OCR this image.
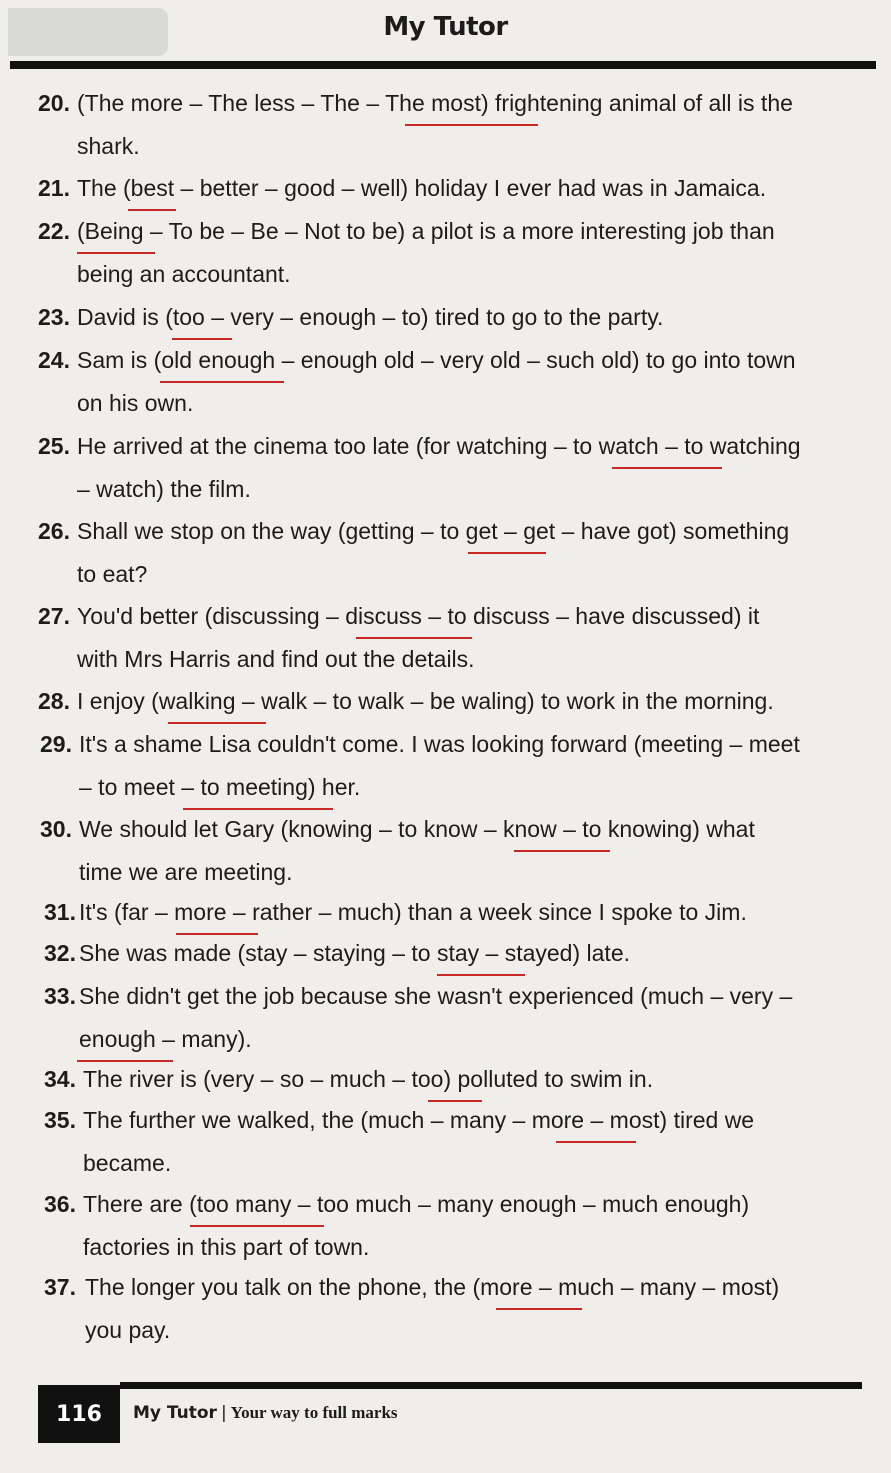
My Tutor
20. (The more – The less – The – The most) frightening animal of all is the
shark.
21. The (best – better – good – well) holiday I ever had was in Jamaica.
22. (Being – To be – Be – Not to be) a pilot is a more interesting job than
being an accountant.
23. David is (too – very – enough – to) tired to go to the party.
24. Sam is (old enough – enough old – very old – such old) to go into town
on his own.
25. He arrived at the cinema too late (for watching – to watch – to watching
– watch) the film.
26. Shall we stop on the way (getting – to get – get – have got) something
to eat?
27. You'd better (discussing – discuss – to discuss – have discussed) it
with Mrs Harris and find out the details.
28. I enjoy (walking – walk – to walk – be waling) to work in the morning.
29. It's a shame Lisa couldn't come. I was looking forward (meeting – meet
– to meet – to meeting) her.
30. We should let Gary (knowing – to know – know – to knowing) what
time we are meeting.
31. It's (far – more – rather – much) than a week since I spoke to Jim.
32. She was made (stay – staying – to stay – stayed) late.
33. She didn't get the job because she wasn't experienced (much – very –
enough – many).
34. The river is (very – so – much – too) polluted to swim in.
35. The further we walked, the (much – many – more – most) tired we
became.
36. There are (too many – too much – many enough – much enough)
factories in this part of town.
37. The longer you talk on the phone, the (more – much – many – most)
you pay.
116	My Tutor | Your way to full marks
